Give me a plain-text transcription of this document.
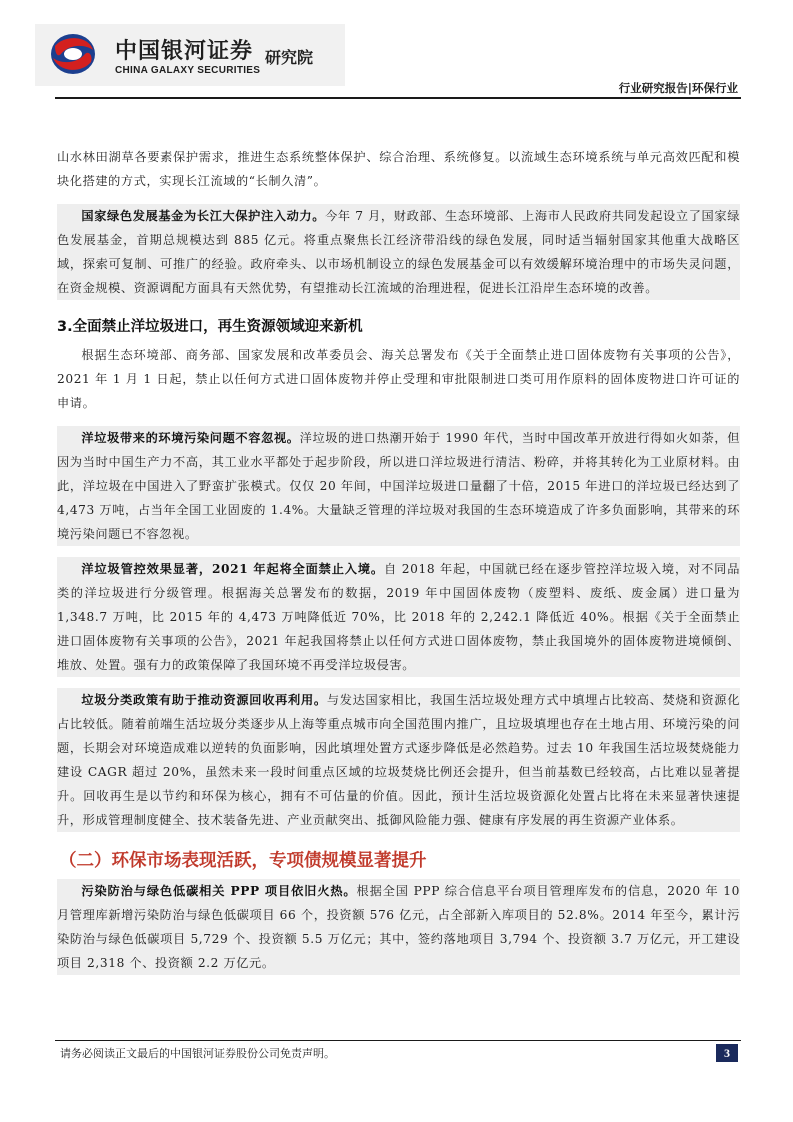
中国银河证券
CHINA GALAXY SECURITIES
研究院
行业研究报告|环保行业

山水林田湖草各要素保护需求，推进生态系统整体保护、综合治理、系统修复。以流域生态环境系统与单元高效匹配和模块化搭建的方式，实现长江流域的“长制久清”。

国家绿色发展基金为长江大保护注入动力。今年 7 月，财政部、生态环境部、上海市人民政府共同发起设立了国家绿色发展基金，首期总规模达到 885 亿元。将重点聚焦长江经济带沿线的绿色发展，同时适当辐射国家其他重大战略区域，探索可复制、可推广的经验。政府牵头、以市场机制设立的绿色发展基金可以有效缓解环境治理中的市场失灵问题，在资金规模、资源调配方面具有天然优势，有望推动长江流域的治理进程，促进长江沿岸生态环境的改善。

3.全面禁止洋垃圾进口，再生资源领域迎来新机

根据生态环境部、商务部、国家发展和改革委员会、海关总署发布《关于全面禁止进口固体废物有关事项的公告》，2021 年 1 月 1 日起，禁止以任何方式进口固体废物并停止受理和审批限制进口类可用作原料的固体废物进口许可证的申请。

洋垃圾带来的环境污染问题不容忽视。洋垃圾的进口热潮开始于 1990 年代，当时中国改革开放进行得如火如荼，但因为当时中国生产力不高，其工业水平都处于起步阶段，所以进口洋垃圾进行清洁、粉碎，并将其转化为工业原材料。由此，洋垃圾在中国进入了野蛮扩张模式。仅仅 20 年间，中国洋垃圾进口量翻了十倍，2015 年进口的洋垃圾已经达到了 4,473 万吨，占当年全国工业固废的 1.4%。大量缺乏管理的洋垃圾对我国的生态环境造成了许多负面影响，其带来的环境污染问题已不容忽视。

洋垃圾管控效果显著，2021 年起将全面禁止入境。自 2018 年起，中国就已经在逐步管控洋垃圾入境，对不同品类的洋垃圾进行分级管理。根据海关总署发布的数据，2019 年中国固体废物（废塑料、废纸、废金属）进口量为 1,348.7 万吨，比 2015 年的 4,473 万吨降低近 70%，比 2018 年的 2,242.1 降低近 40%。根据《关于全面禁止进口固体废物有关事项的公告》，2021 年起我国将禁止以任何方式进口固体废物，禁止我国境外的固体废物进境倾倒、堆放、处置。强有力的政策保障了我国环境不再受洋垃圾侵害。

垃圾分类政策有助于推动资源回收再利用。与发达国家相比，我国生活垃圾处理方式中填埋占比较高、焚烧和资源化占比较低。随着前端生活垃圾分类逐步从上海等重点城市向全国范围内推广，且垃圾填埋也存在土地占用、环境污染的问题，长期会对环境造成难以逆转的负面影响，因此填埋处置方式逐步降低是必然趋势。过去 10 年我国生活垃圾焚烧能力建设 CAGR 超过 20%，虽然未来一段时间重点区域的垃圾焚烧比例还会提升，但当前基数已经较高，占比难以显著提升。回收再生是以节约和环保为核心，拥有不可估量的价值。因此，预计生活垃圾资源化处置占比将在未来显著快速提升，形成管理制度健全、技术装备先进、产业贡献突出、抵御风险能力强、健康有序发展的再生资源产业体系。

（二）环保市场表现活跃，专项债规模显著提升

污染防治与绿色低碳相关 PPP 项目依旧火热。根据全国 PPP 综合信息平台项目管理库发布的信息，2020 年 10 月管理库新增污染防治与绿色低碳项目 66 个，投资额 576 亿元，占全部新入库项目的 52.8%。2014 年至今，累计污染防治与绿色低碳项目 5,729 个、投资额 5.5 万亿元；其中，签约落地项目 3,794 个、投资额 3.7 万亿元，开工建设项目 2,318 个、投资额 2.2 万亿元。

请务必阅读正文最后的中国银河证券股份公司免责声明。	3
